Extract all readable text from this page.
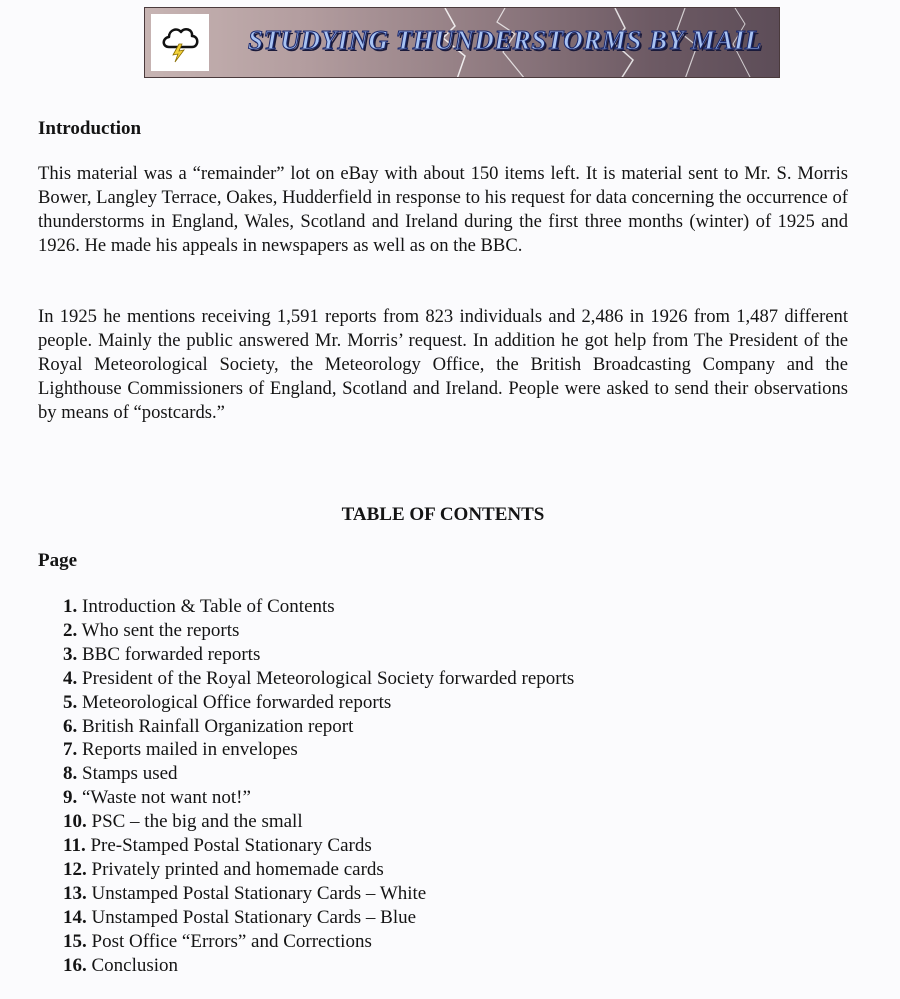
STUDYING THUNDERSTORMS BY MAIL
Introduction

This material was a “remainder” lot on eBay with about 150 items left. It is material sent to Mr. S. Morris Bower, Langley Terrace, Oakes, Hudderfield in response to his request for data concerning the occurrence of thunderstorms in England, Wales, Scotland and Ireland during the first three months (winter) of 1925 and 1926. He made his appeals in newspapers as well as on the BBC.

In 1925 he mentions receiving 1,591 reports from 823 individuals and 2,486 in 1926 from 1,487 different people. Mainly the public answered Mr. Morris’ request. In addition he got help from The President of the Royal Meteorological Society, the Meteorology Office, the British Broadcasting Company and the Lighthouse Commissioners of England, Scotland and Ireland. People were asked to send their observations by means of “postcards.”

TABLE OF CONTENTS
Page
1. Introduction & Table of Contents
2. Who sent the reports
3. BBC forwarded reports
4. President of the Royal Meteorological Society forwarded reports
5. Meteorological Office forwarded reports
6. British Rainfall Organization report
7. Reports mailed in envelopes
8. Stamps used
9. “Waste not want not!”
10. PSC – the big and the small
11. Pre-Stamped Postal Stationary Cards
12. Privately printed and homemade cards
13. Unstamped Postal Stationary Cards – White
14. Unstamped Postal Stationary Cards – Blue
15. Post Office “Errors” and Corrections
16. Conclusion
